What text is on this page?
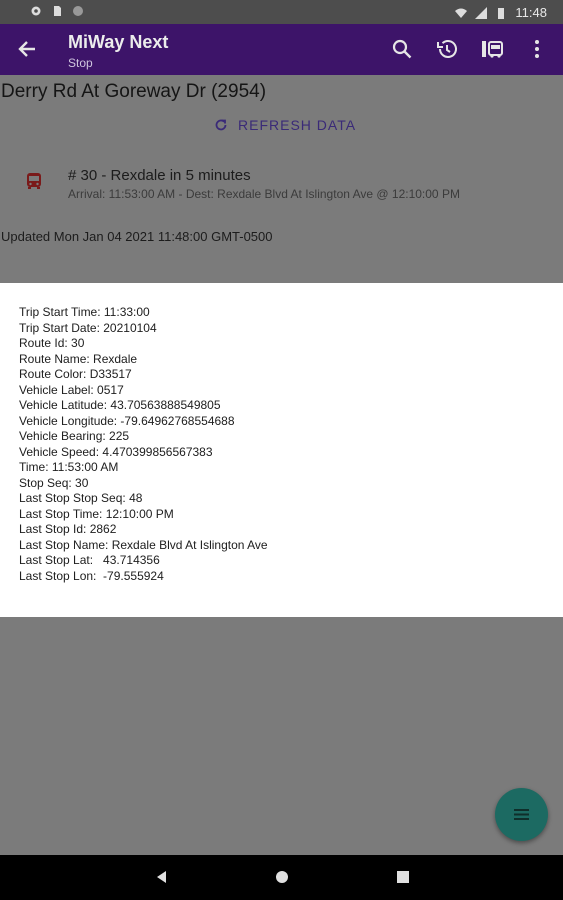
11:48
MiWay Next
Stop
Derry Rd At Goreway Dr (2954)
REFRESH DATA
# 30 - Rexdale in 5 minutes
Arrival: 11:53:00 AM - Dest: Rexdale Blvd At Islington Ave @ 12:10:00 PM
Updated Mon Jan 04 2021 11:48:00 GMT-0500
Trip Start Time: 11:33:00
Trip Start Date: 20210104
Route Id: 30
Route Name: Rexdale
Route Color: D33517
Vehicle Label: 0517
Vehicle Latitude: 43.70563888549805
Vehicle Longitude: -79.64962768554688
Vehicle Bearing: 225
Vehicle Speed: 4.470399856567383
Time: 11:53:00 AM
Stop Seq: 30
Last Stop Stop Seq: 48
Last Stop Time: 12:10:00 PM
Last Stop Id: 2862
Last Stop Name: Rexdale Blvd At Islington Ave
Last Stop Lat:   43.714356
Last Stop Lon:  -79.555924
